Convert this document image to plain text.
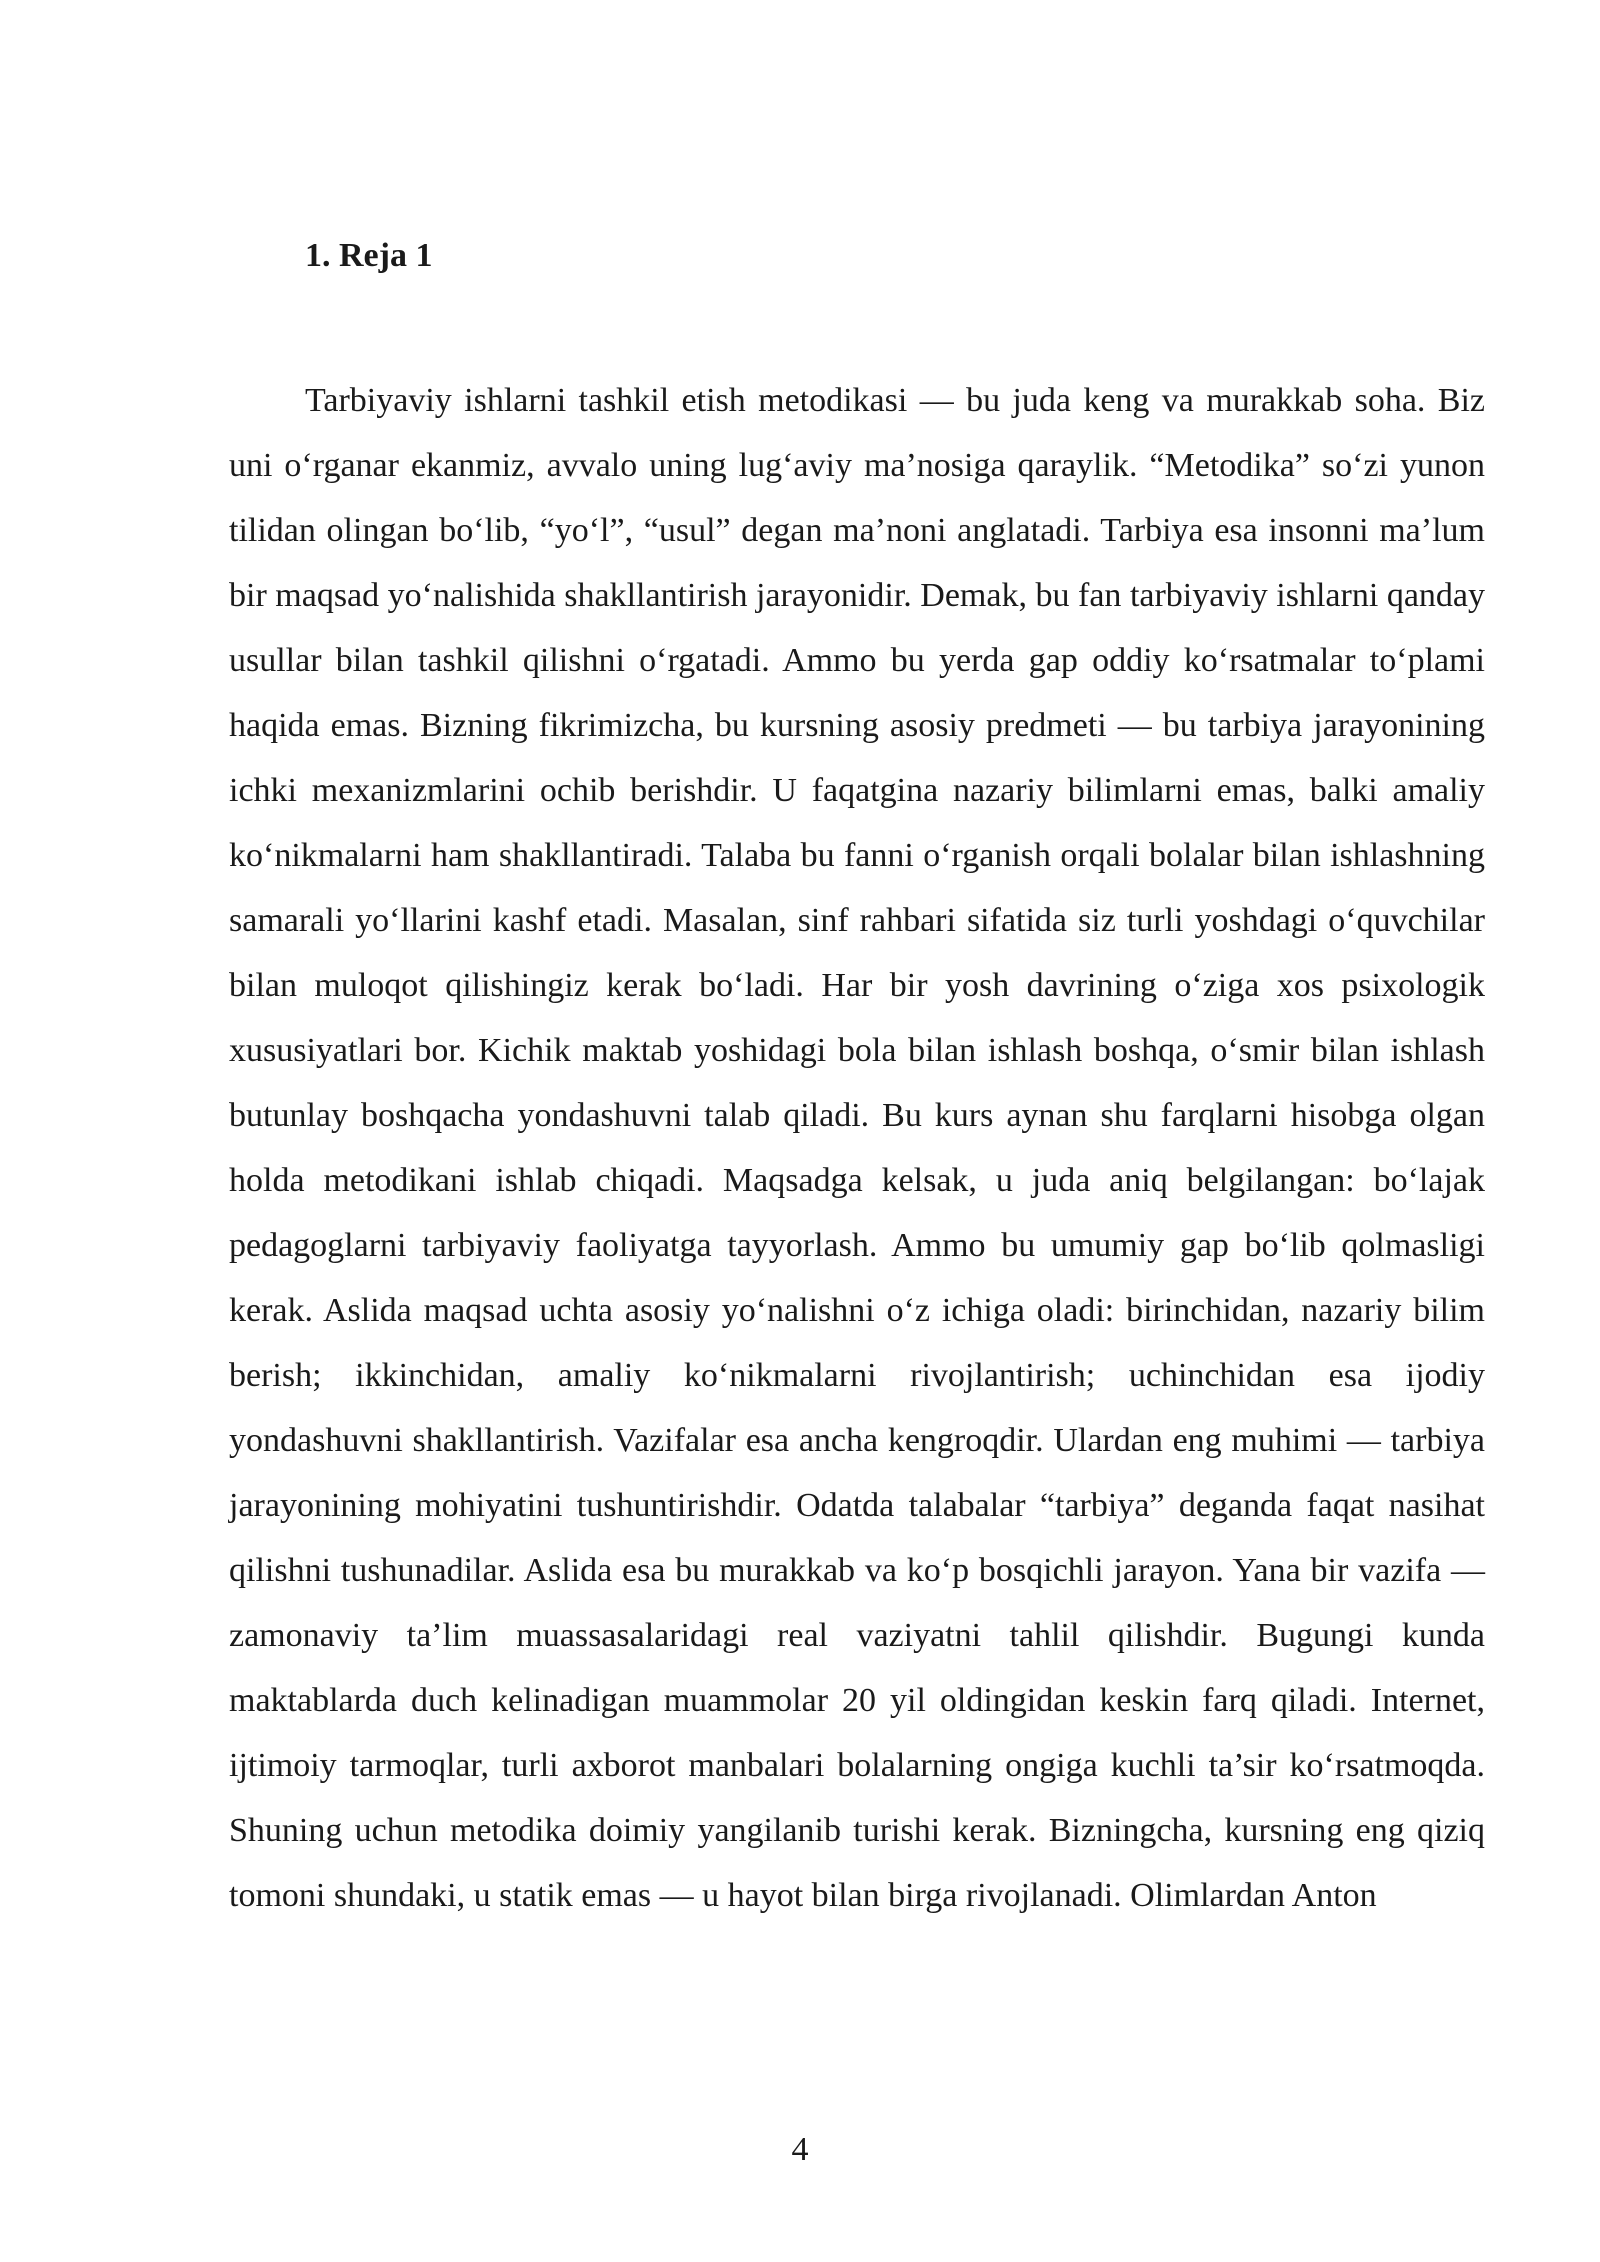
1. Reja 1

Tarbiyaviy ishlarni tashkil etish metodikasi — bu juda keng va murakkab soha. Biz uni o‘rganar ekanmiz, avvalo uning lug‘aviy ma’nosiga qaraylik. “Metodika” so‘zi yunon tilidan olingan bo‘lib, “yo‘l”, “usul” degan ma’noni anglatadi. Tarbiya esa insonni ma’lum bir maqsad yo‘nalishida shakllantirish jarayonidir. Demak, bu fan tarbiyaviy ishlarni qanday usullar bilan tashkil qilishni o‘rgatadi. Ammo bu yerda gap oddiy ko‘rsatmalar to‘plami haqida emas. Bizning fikrimizcha, bu kursning asosiy predmeti — bu tarbiya jarayonining ichki mexanizmlarini ochib berishdir. U faqatgina nazariy bilimlarni emas, balki amaliy ko‘nikmalarni ham shakllantiradi. Talaba bu fanni o‘rganish orqali bolalar bilan ishlashning samarali yo‘llarini kashf etadi. Masalan, sinf rahbari sifatida siz turli yoshdagi o‘quvchilar bilan muloqot qilishingiz kerak bo‘ladi. Har bir yosh davrining o‘ziga xos psixologik xususiyatlari bor. Kichik maktab yoshidagi bola bilan ishlash boshqa, o‘smir bilan ishlash butunlay boshqacha yondashuvni talab qiladi. Bu kurs aynan shu farqlarni hisobga olgan holda metodikani ishlab chiqadi. Maqsadga kelsak, u juda aniq belgilangan: bo‘lajak pedagoglarni tarbiyaviy faoliyatga tayyorlash. Ammo bu umumiy gap bo‘lib qolmasligi kerak. Aslida maqsad uchta asosiy yo‘nalishni o‘z ichiga oladi: birinchidan, nazariy bilim berish; ikkinchidan, amaliy ko‘nikmalarni rivojlantirish; uchinchidan esa ijodiy yondashuvni shakllantirish. Vazifalar esa ancha kengroqdir. Ulardan eng muhimi — tarbiya jarayonining mohiyatini tushuntirishdir. Odatda talabalar “tarbiya” deganda faqat nasihat qilishni tushunadilar. Aslida esa bu murakkab va ko‘p bosqichli jarayon. Yana bir vazifa — zamonaviy ta’lim muassasalaridagi real vaziyatni tahlil qilishdir. Bugungi kunda maktablarda duch kelinadigan muammolar 20 yil oldingidan keskin farq qiladi. Internet, ijtimoiy tarmoqlar, turli axborot manbalari bolalarning ongiga kuchli ta’sir ko‘rsatmoqda. Shuning uchun metodika doimiy yangilanib turishi kerak. Bizningcha, kursning eng qiziq tomoni shundaki, u statik emas — u hayot bilan birga rivojlanadi. Olimlardan Anton

4
